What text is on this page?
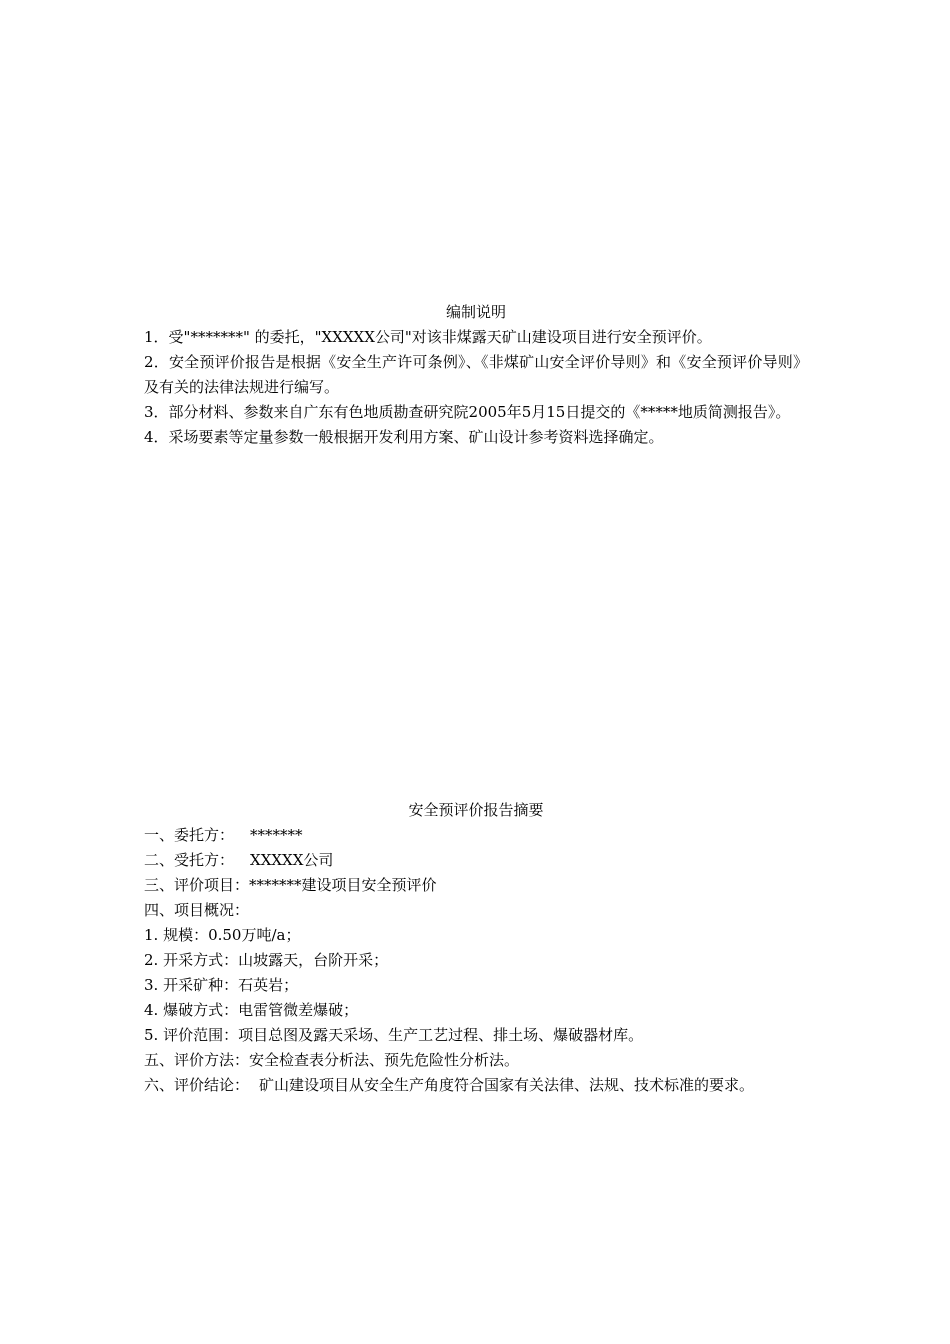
编制说明
1．受"*******" 的委托，"XXXXX公司"对该非煤露天矿山建设项目进行安全预评价。
2．安全预评价报告是根据《安全生产许可条例》、《非煤矿山安全评价导则》和《安全预评价导则》及有关的法律法规进行编写。
3．部分材料、参数来自广东有色地质勘查研究院2005年5月15日提交的《*****地质简测报告》。
4．采场要素等定量参数一般根据开发利用方案、矿山设计参考资料选择确定。
安全预评价报告摘要
一、委托方： *******
二、受托方： XXXXX公司
三、评价项目：*******建设项目安全预评价
四、项目概况：
1. 规模：0.50万吨/a；
2. 开采方式：山坡露天，台阶开采；
3. 开采矿种：石英岩；
4. 爆破方式：电雷管微差爆破；
5. 评价范围：项目总图及露天采场、生产工艺过程、排土场、爆破器材库。
五、评价方法：安全检查表分析法、预先危险性分析法。
六、评价结论： 矿山建设项目从安全生产角度符合国家有关法律、法规、技术标准的要求。
